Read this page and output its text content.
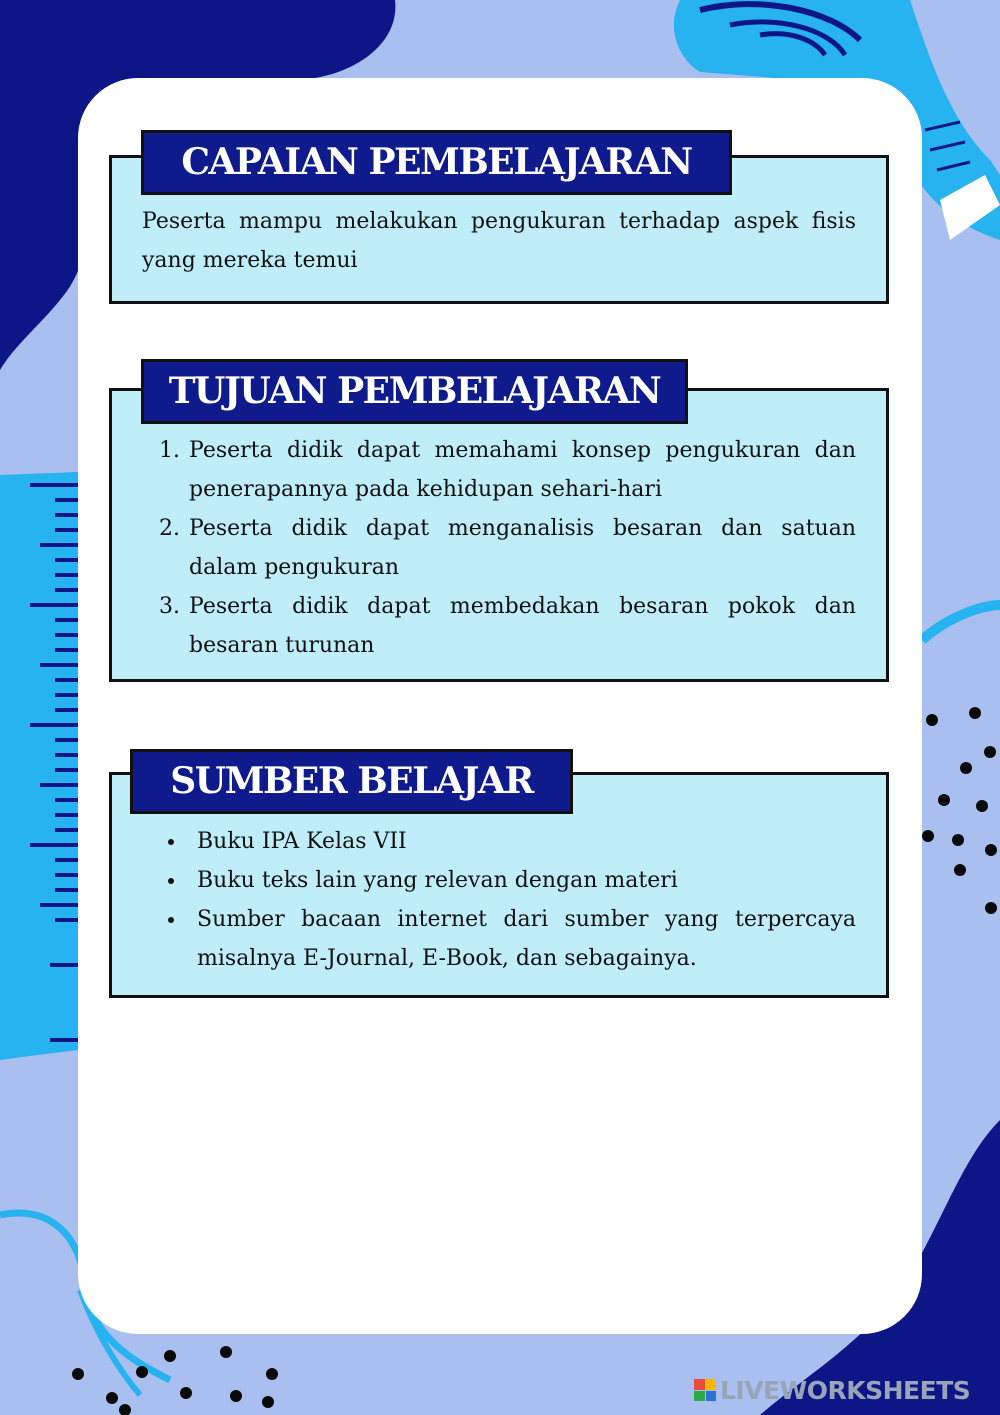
Peserta mampu melakukan pengukuran terhadap aspek fisis yang mereka temui
CAPAIAN PEMBELAJARAN
1. Peserta didik dapat memahami konsep pengukuran dan penerapannya pada kehidupan sehari-hari
2. Peserta didik dapat menganalisis besaran dan satuan dalam pengukuran
3. Peserta didik dapat membedakan besaran pokok dan besaran turunan
TUJUAN PEMBELAJARAN
• Buku IPA Kelas VII
• Buku teks lain yang relevan dengan materi
• Sumber bacaan internet dari sumber yang terpercaya misalnya E-Journal, E-Book, dan sebagainya.
SUMBER BELAJAR
LIVEWORKSHEETS
